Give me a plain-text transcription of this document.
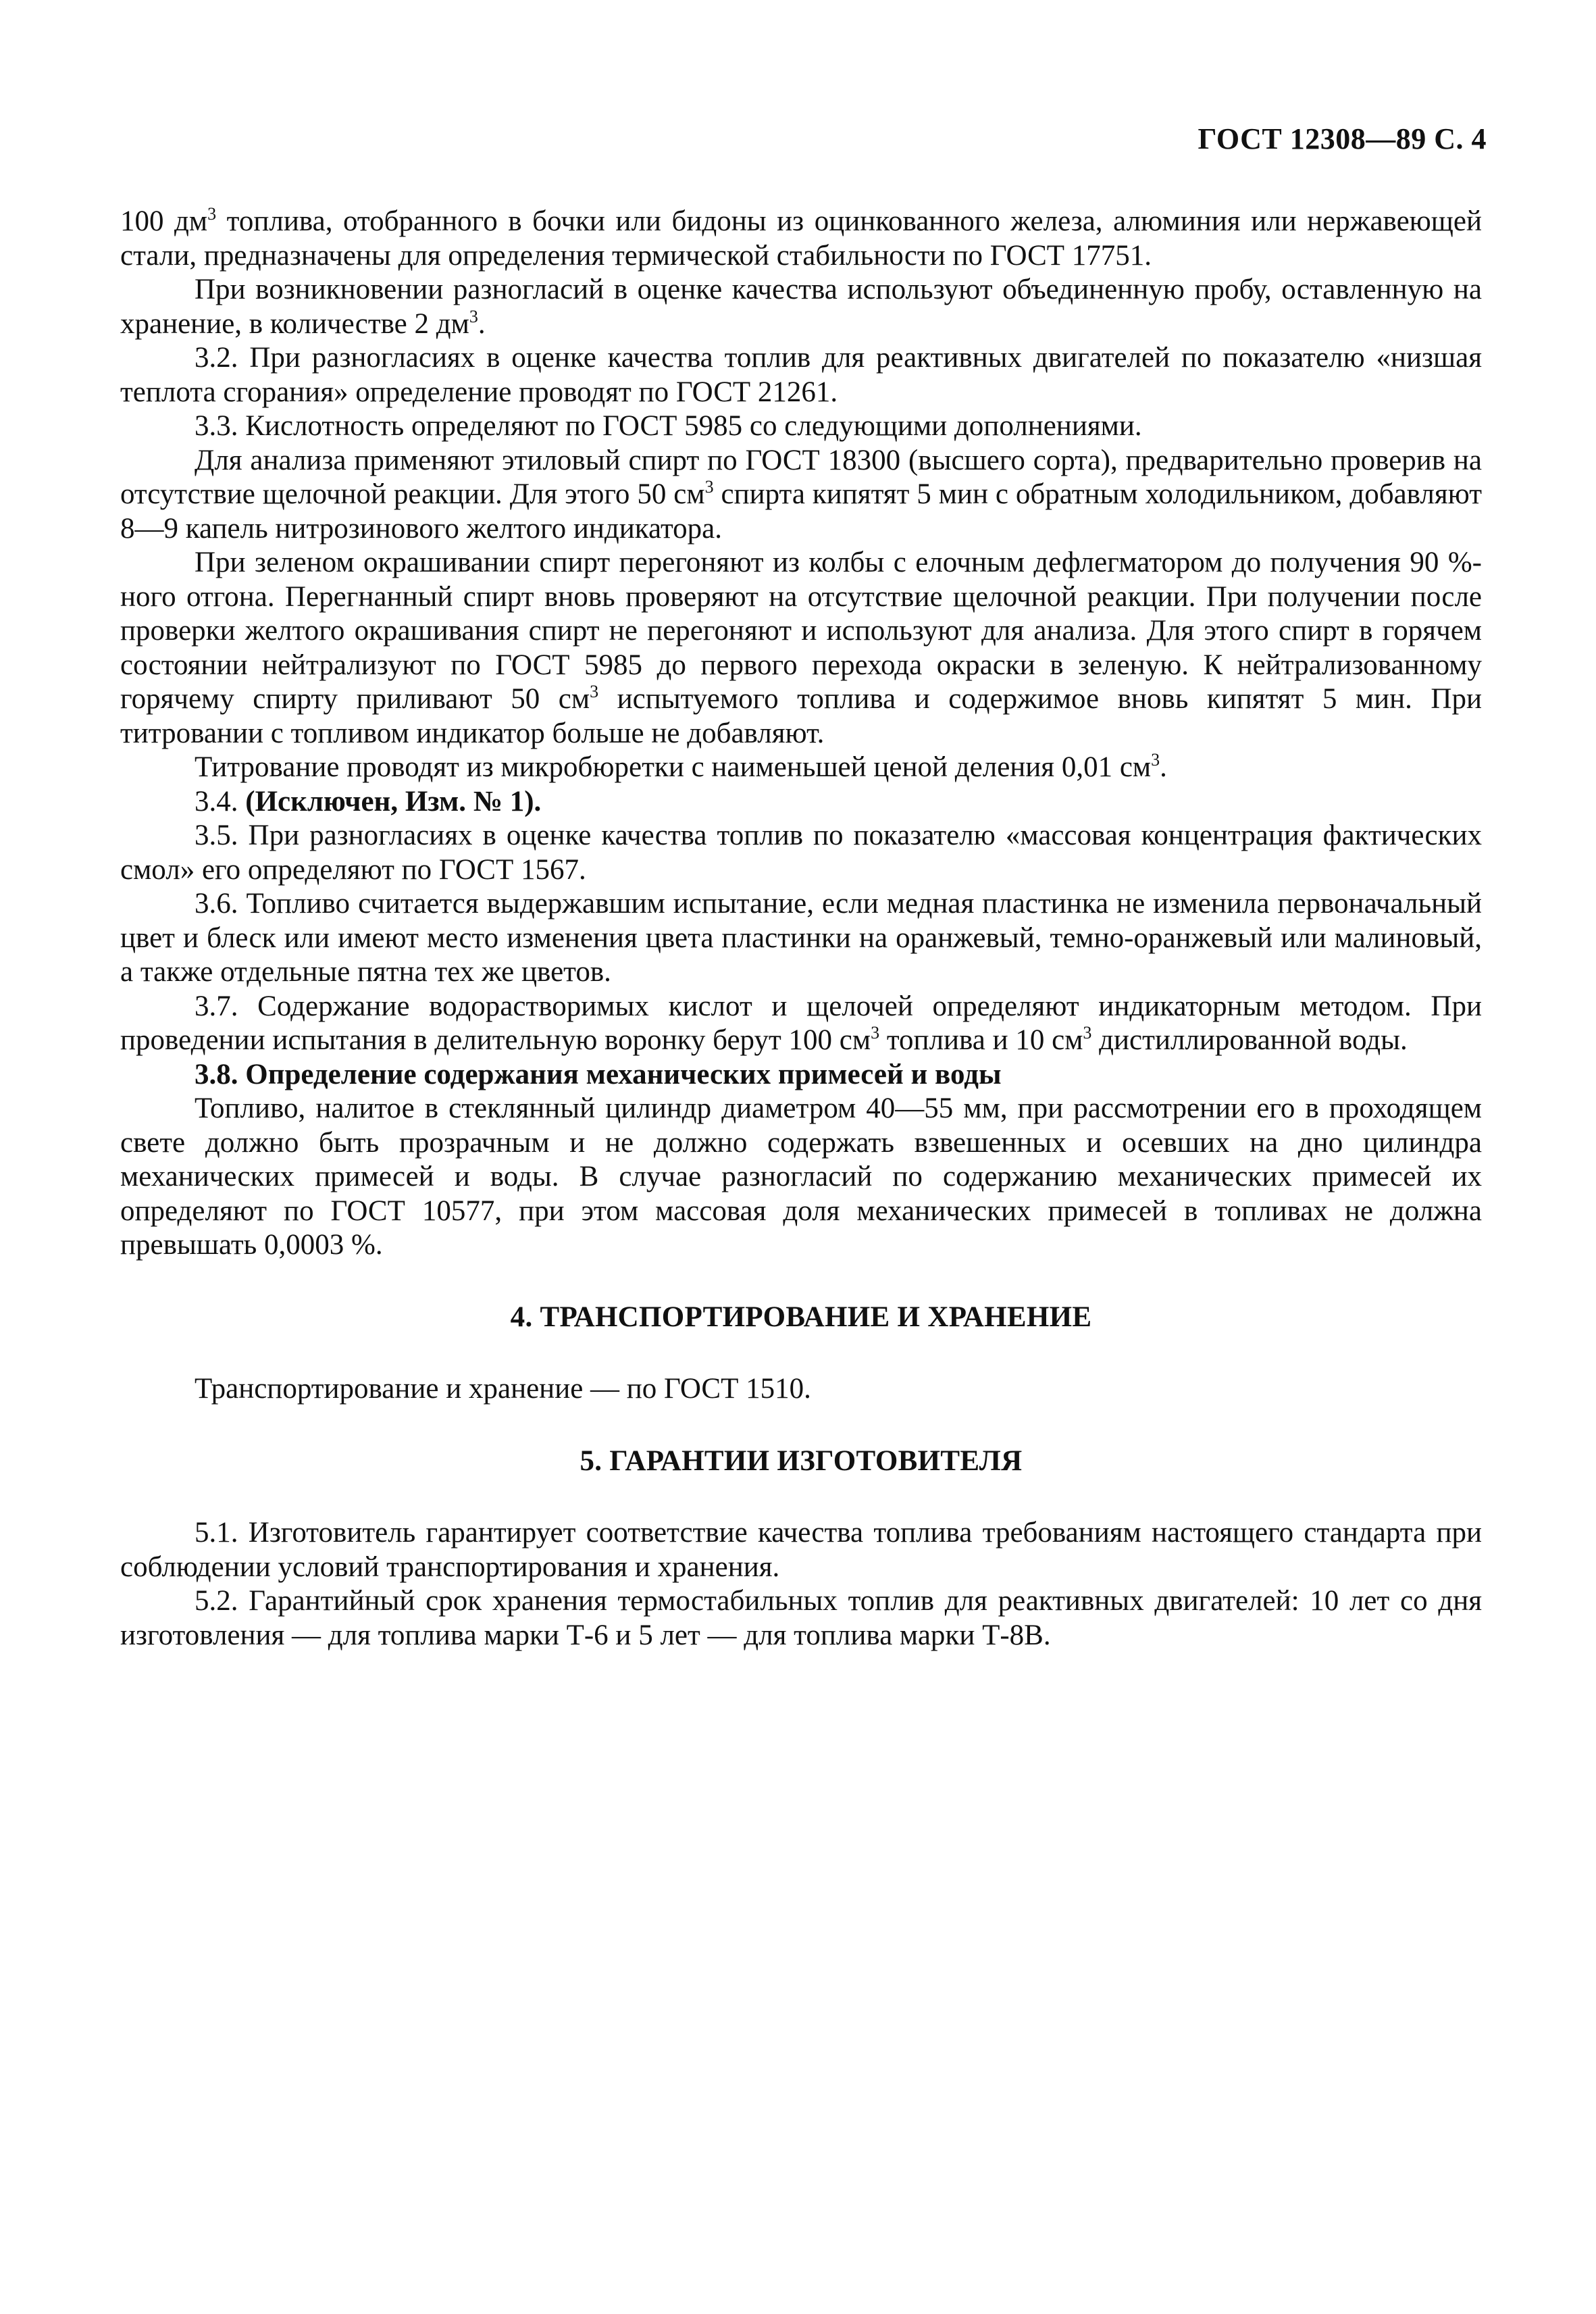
ГОСТ 12308—89 С. 4

100 $дм^3$ топлива, отобранного в бочки или бидоны из оцинкованного железа, алюминия или нержавеющей стали, предназначены для определения термической стабильности по ГОСТ 17751.

При возникновении разногласий в оценке качества используют объединенную пробу, оставленную на хранение, в количестве 2 $дм^3$.

3.2. При разногласиях в оценке качества топлив для реактивных двигателей по показателю «низшая теплота сгорания» определение проводят по ГОСТ 21261.

3.3. Кислотность определяют по ГОСТ 5985 со следующими дополнениями.

Для анализа применяют этиловый спирт по ГОСТ 18300 (высшего сорта), предварительно проверив на отсутствие щелочной реакции. Для этого 50 $см^3$ спирта кипятят 5 мин с обратным холодильником, добавляют 8—9 капель нитрозинового желтого индикатора.

При зеленом окрашивании спирт перегоняют из колбы с елочным дефлегматором до получения 90 %-ного отгона. Перегнанный спирт вновь проверяют на отсутствие щелочной реакции. При получении после проверки желтого окрашивания спирт не перегоняют и используют для анализа. Для этого спирт в горячем состоянии нейтрализуют по ГОСТ 5985 до первого перехода окраски в зеленую. К нейтрализованному горячему спирту приливают 50 $см^3$ испытуемого топлива и содержимое вновь кипятят 5 мин. При титровании с топливом индикатор больше не добавляют.

Титрование проводят из микробюретки с наименьшей ценой деления 0,01 $см^3$.

3.4. (Исключен, Изм. № 1).

3.5. При разногласиях в оценке качества топлив по показателю «массовая концентрация фактических смол» его определяют по ГОСТ 1567.

3.6. Топливо считается выдержавшим испытание, если медная пластинка не изменила первоначальный цвет и блеск или имеют место изменения цвета пластинки на оранжевый, темно-оранжевый или малиновый, а также отдельные пятна тех же цветов.

3.7. Содержание водорастворимых кислот и щелочей определяют индикаторным методом. При проведении испытания в делительную воронку берут 100 $см^3$ топлива и 10 $см^3$ дистиллированной воды.

3.8. Определение содержания механических примесей и воды

Топливо, налитое в стеклянный цилиндр диаметром 40—55 мм, при рассмотрении его в проходящем свете должно быть прозрачным и не должно содержать взвешенных и осевших на дно цилиндра механических примесей и воды. В случае разногласий по содержанию механических примесей их определяют по ГОСТ 10577, при этом массовая доля механических примесей в топливах не должна превышать 0,0003 %.

4. ТРАНСПОРТИРОВАНИЕ И ХРАНЕНИЕ

Транспортирование и хранение — по ГОСТ 1510.

5. ГАРАНТИИ ИЗГОТОВИТЕЛЯ

5.1. Изготовитель гарантирует соответствие качества топлива требованиям настоящего стандарта при соблюдении условий транспортирования и хранения.

5.2. Гарантийный срок хранения термостабильных топлив для реактивных двигателей: 10 лет со дня изготовления — для топлива марки Т-6 и 5 лет — для топлива марки Т-8В.
